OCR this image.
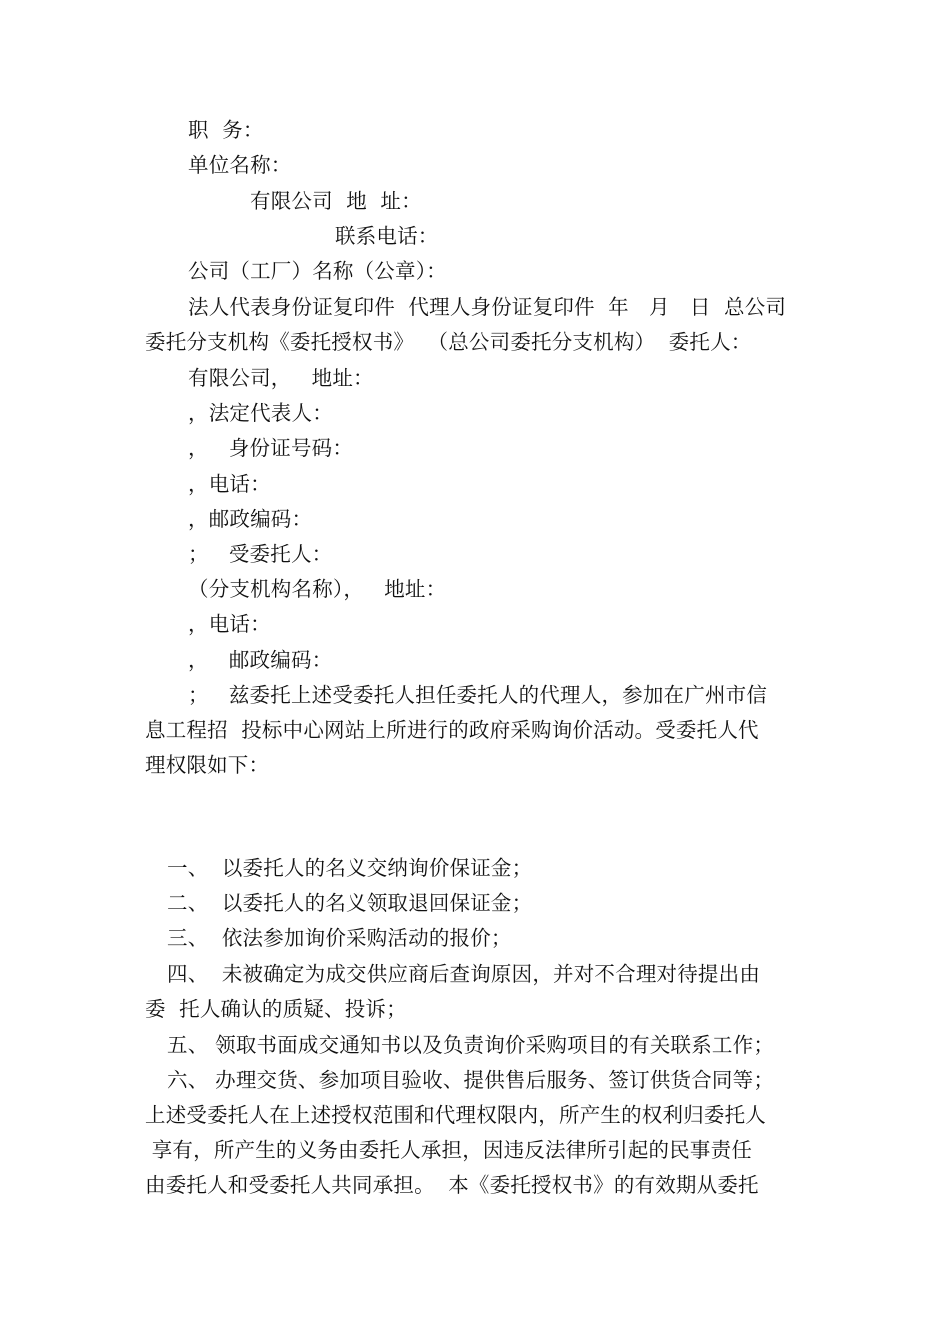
职  务：
单位名称：
有限公司  地  址：
联系电话：
公司（工厂）名称（公章）：
法人代表身份证复印件  代理人身份证复印件  年   月   日  总公司
委托分支机构《委托授权书》  （总公司委托分支机构）  委托人：
有限公司，   地址：
，法定代表人：
，   身份证号码：
，电话：
，邮政编码：
；   受委托人：
（分支机构名称），   地址：
，电话：
，   邮政编码：
；   兹委托上述受委托人担任委托人的代理人，参加在广州市信
息工程招  投标中心网站上所进行的政府采购询价活动。受委托人代
理权限如下：
一、  以委托人的名义交纳询价保证金；
二、  以委托人的名义领取退回保证金；
三、  依法参加询价采购活动的报价；
四、  未被确定为成交供应商后查询原因，并对不合理对待提出由
委  托人确认的质疑、投诉；
五、 领取书面成交通知书以及负责询价采购项目的有关联系工作；
六、 办理交货、参加项目验收、提供售后服务、签订供货合同等；
上述受委托人在上述授权范围和代理权限内，所产生的权利归委托人
享有，所产生的义务由委托人承担，因违反法律所引起的民事责任
由委托人和受委托人共同承担。  本《委托授权书》的有效期从委托
